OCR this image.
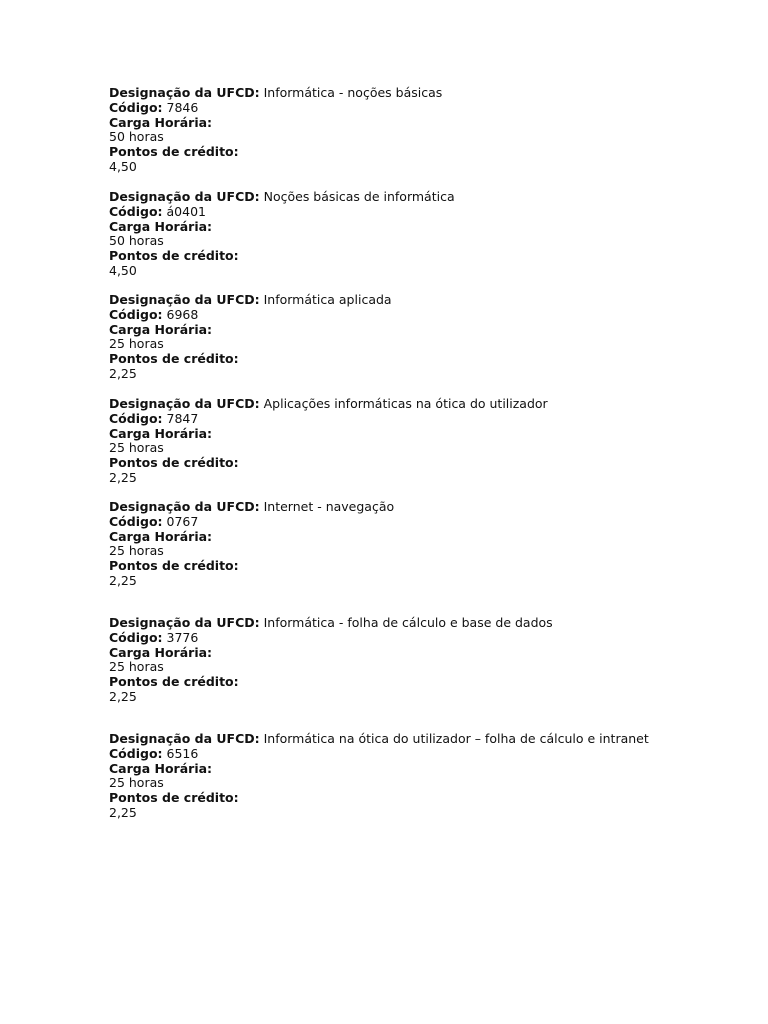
Designação da UFCD: Informática - noções básicas
Código: 7846
Carga Horária:
50 horas
Pontos de crédito:
4,50
Designação da UFCD: Noções básicas de informática
Código: á0401
Carga Horária:
50 horas
Pontos de crédito:
4,50
Designação da UFCD: Informática aplicada
Código: 6968
Carga Horária:
25 horas
Pontos de crédito:
2,25
Designação da UFCD: Aplicações informáticas na ótica do utilizador
Código: 7847
Carga Horária:
25 horas
Pontos de crédito:
2,25
Designação da UFCD: Internet - navegação
Código: 0767
Carga Horária:
25 horas
Pontos de crédito:
2,25
Designação da UFCD: Informática - folha de cálculo e base de dados
Código: 3776
Carga Horária:
25 horas
Pontos de crédito:
2,25
Designação da UFCD: Informática na ótica do utilizador – folha de cálculo e intranet
Código: 6516
Carga Horária:
25 horas
Pontos de crédito:
2,25
